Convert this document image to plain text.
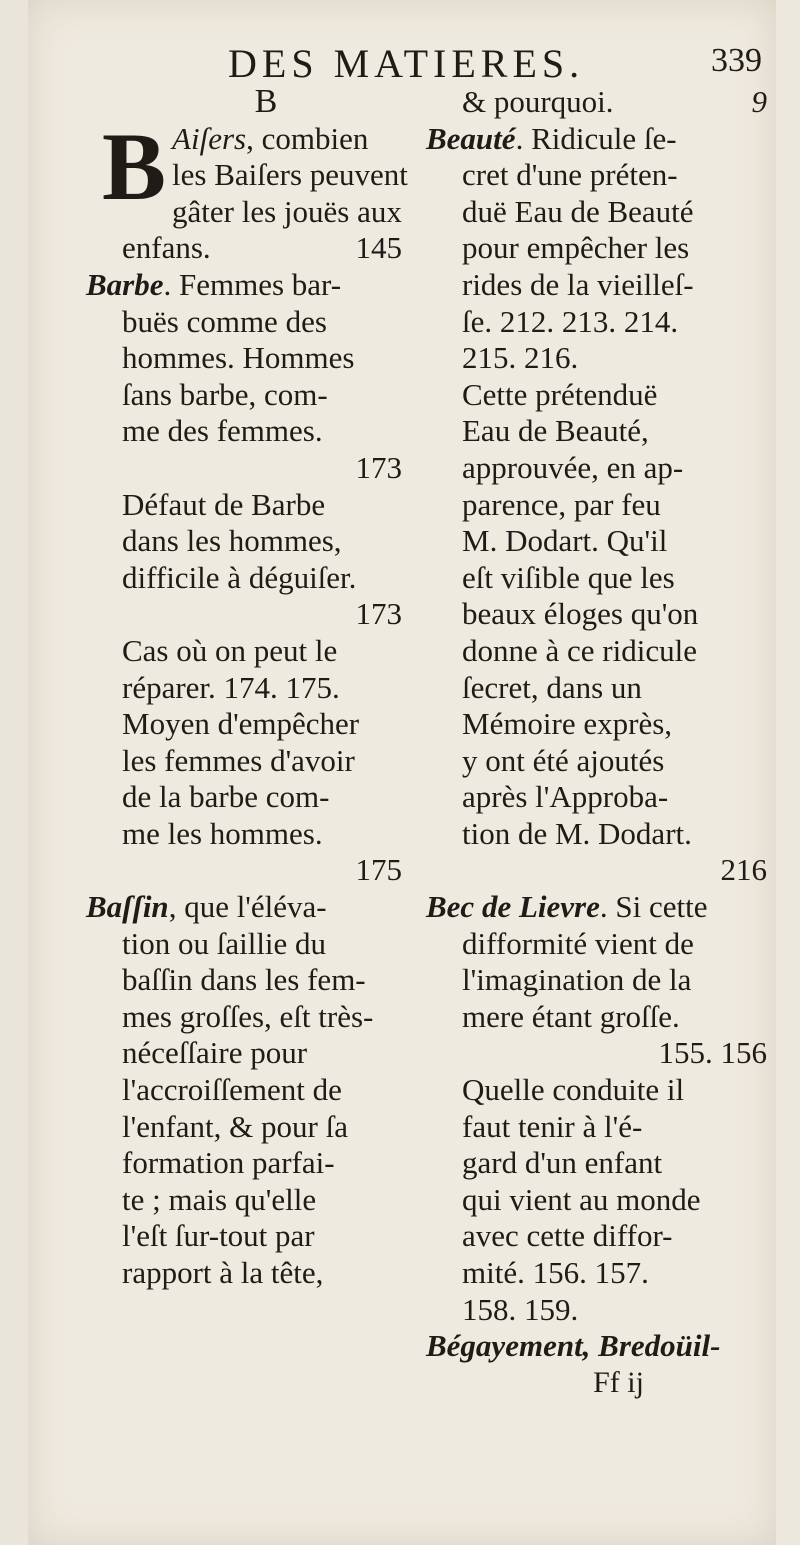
DES MATIERES.	339
B
B Aiſers, combien
les Baiſers peuvent
gâter les jouës aux
enfans.	145
Barbe. Femmes bar-
buës comme des
hommes. Hommes
ſans barbe, com-
me des femmes.
173
Défaut de Barbe
dans les hommes,
difficile à déguiſer.
173
Cas où on peut le
réparer. 174. 175.
Moyen d'empêcher
les femmes d'avoir
de la barbe com-
me les hommes.
175
Baſſin, que l'éléva-
tion ou ſaillie du
baſſin dans les fem-
mes groſſes, eſt très-
néceſſaire pour
l'accroiſſement de
l'enfant, & pour ſa
formation parfai-
te ; mais qu'elle
l'eſt ſur-tout par
rapport à la tête,
& pourquoi.	9
Beauté. Ridicule ſe-
cret d'une préten-
duë Eau de Beauté
pour empêcher les
rides de la vieilleſ-
ſe. 212. 213. 214.
215. 216.
Cette prétenduë
Eau de Beauté,
approuvée, en ap-
parence, par feu
M. Dodart. Qu'il
eſt viſible que les
beaux éloges qu'on
donne à ce ridicule
ſecret, dans un
Mémoire exprès,
y ont été ajoutés
après l'Approba-
tion de M. Dodart.
216
Bec de Lievre. Si cette
difformité vient de
l'imagination de la
mere étant groſſe.
155. 156
Quelle conduite il
faut tenir à l'é-
gard d'un enfant
qui vient au monde
avec cette diffor-
mité. 156. 157.
158. 159.
Bégayement, Bredoüil-
Ff ij
